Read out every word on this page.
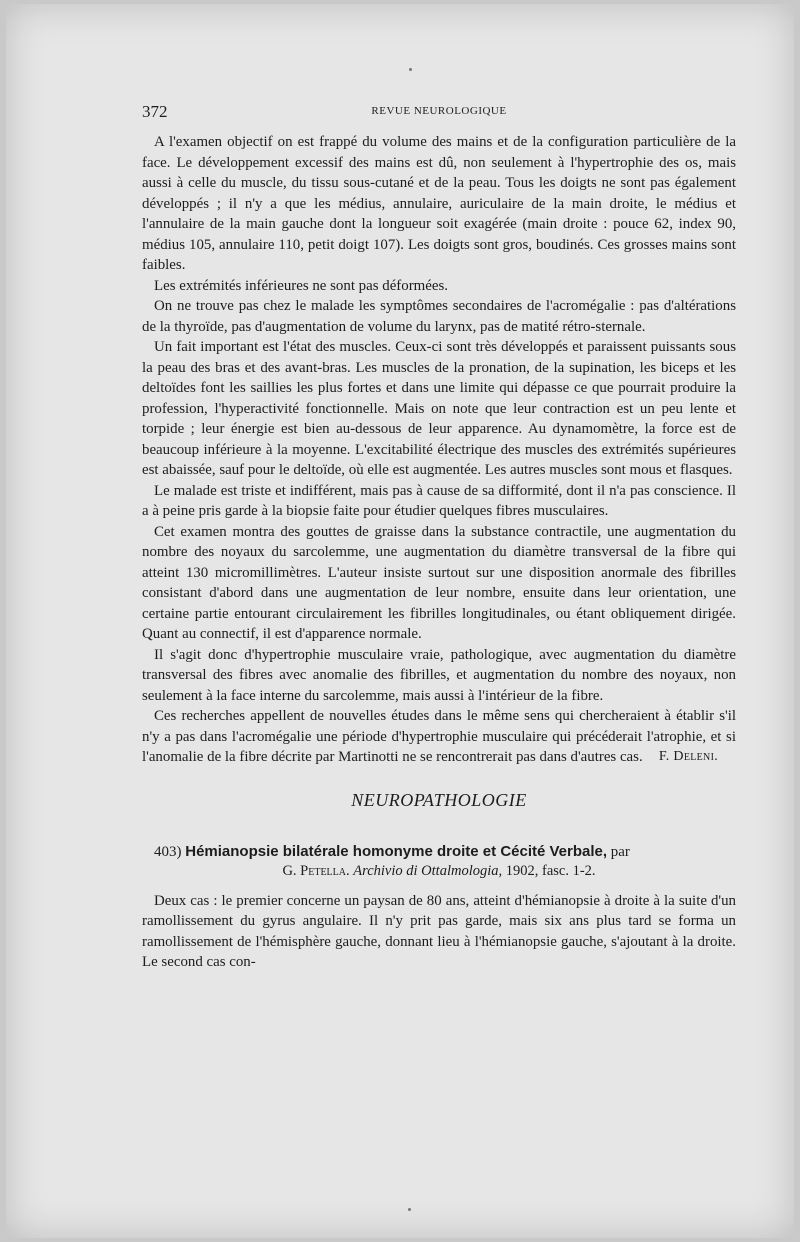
372	REVUE NEUROLOGIQUE

A l'examen objectif on est frappé du volume des mains et de la configuration particulière de la face. Le développement excessif des mains est dû, non seulement à l'hypertrophie des os, mais aussi à celle du muscle, du tissu sous-cutané et de la peau. Tous les doigts ne sont pas également développés ; il n'y a que les médius, annulaire, auriculaire de la main droite, le médius et l'annulaire de la main gauche dont la longueur soit exagérée (main droite : pouce 62, index 90, médius 105, annulaire 110, petit doigt 107). Les doigts sont gros, boudinés. Ces grosses mains sont faibles.

Les extrémités inférieures ne sont pas déformées.

On ne trouve pas chez le malade les symptômes secondaires de l'acromégalie : pas d'altérations de la thyroïde, pas d'augmentation de volume du larynx, pas de matité rétro-sternale.

Un fait important est l'état des muscles. Ceux-ci sont très développés et paraissent puissants sous la peau des bras et des avant-bras. Les muscles de la pronation, de la supination, les biceps et les deltoïdes font les saillies les plus fortes et dans une limite qui dépasse ce que pourrait produire la profession, l'hyperactivité fonctionnelle. Mais on note que leur contraction est un peu lente et torpide ; leur énergie est bien au-dessous de leur apparence. Au dynamomètre, la force est de beaucoup inférieure à la moyenne. L'excitabilité électrique des muscles des extrémités supérieures est abaissée, sauf pour le deltoïde, où elle est augmentée. Les autres muscles sont mous et flasques.

Le malade est triste et indifférent, mais pas à cause de sa difformité, dont il n'a pas conscience. Il a à peine pris garde à la biopsie faite pour étudier quelques fibres musculaires.

Cet examen montra des gouttes de graisse dans la substance contractile, une augmentation du nombre des noyaux du sarcolemme, une augmentation du diamètre transversal de la fibre qui atteint 130 micromillimètres. L'auteur insiste surtout sur une disposition anormale des fibrilles consistant d'abord dans une augmentation de leur nombre, ensuite dans leur orientation, une certaine partie entourant circulairement les fibrilles longitudinales, ou étant obliquement dirigée. Quant au connectif, il est d'apparence normale.

Il s'agit donc d'hypertrophie musculaire vraie, pathologique, avec augmentation du diamètre transversal des fibres avec anomalie des fibrilles, et augmentation du nombre des noyaux, non seulement à la face interne du sarcolemme, mais aussi à l'intérieur de la fibre.

Ces recherches appellent de nouvelles études dans le même sens qui chercheraient à établir s'il n'y a pas dans l'acromégalie une période d'hypertrophie musculaire qui précéderait l'atrophie, et si l'anomalie de la fibre décrite par Martinotti ne se rencontrerait pas dans d'autres cas.	F. Deleni.

NEUROPATHOLOGIE

403) Hémianopsie bilatérale homonyme droite et Cécité Verbale, par

G. Petella. Archivio di Ottalmologia, 1902, fasc. 1-2.

Deux cas : le premier concerne un paysan de 80 ans, atteint d'hémianopsie à droite à la suite d'un ramollissement du gyrus angulaire. Il n'y prit pas garde, mais six ans plus tard se forma un ramollissement de l'hémisphère gauche, donnant lieu à l'hémianopsie gauche, s'ajoutant à la droite. Le second cas con-
